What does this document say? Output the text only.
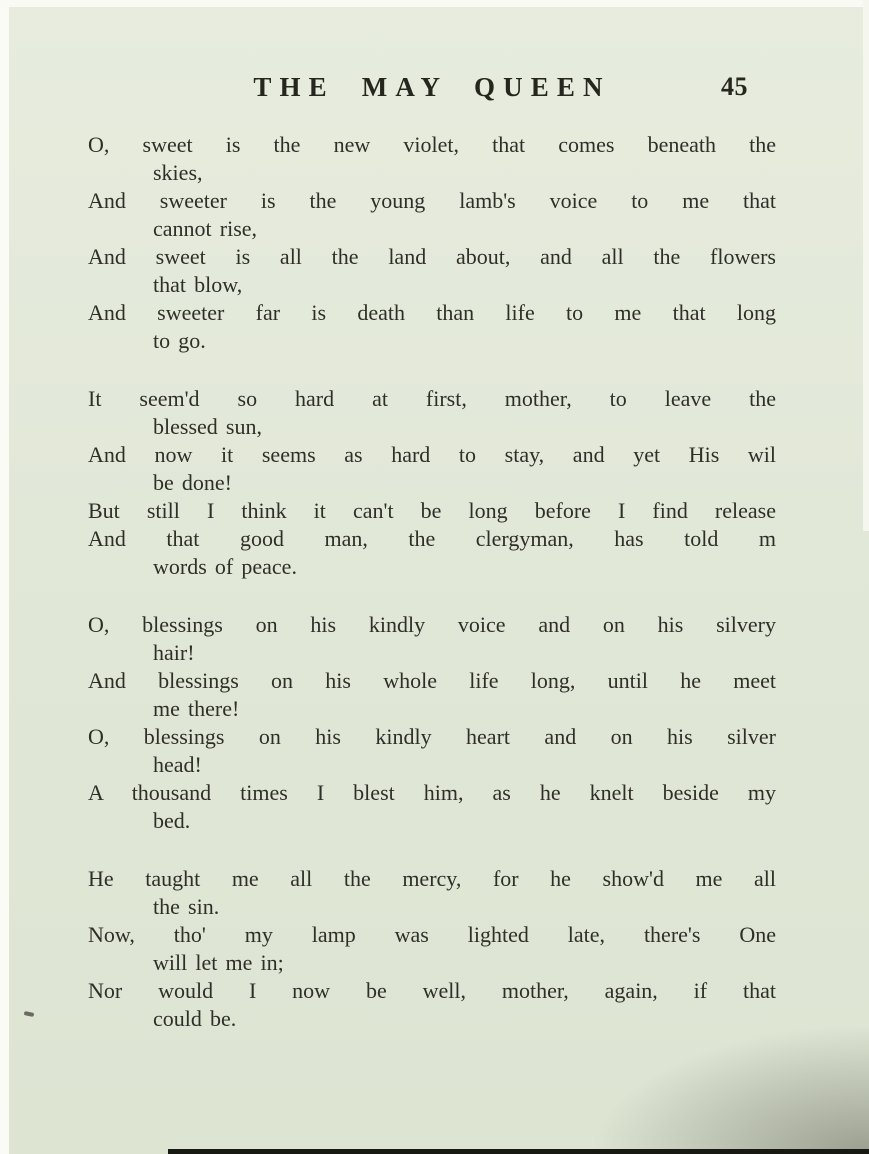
THE MAY QUEEN	45
O, sweet is the new violet, that comes beneath the
skies,
And sweeter is the young lamb's voice to me that
cannot rise,
And sweet is all the land about, and all the flowers
that blow,
And sweeter far is death than life to me that long
to go.
It seem'd so hard at first, mother, to leave the
blessed sun,
And now it seems as hard to stay, and yet His wil
be done!
But still I think it can't be long before I find release
And that good man, the clergyman, has told m
words of peace.
O, blessings on his kindly voice and on his silvery
hair!
And blessings on his whole life long, until he meet
me there!
O, blessings on his kindly heart and on his silver
head!
A thousand times I blest him, as he knelt beside my
bed.
He taught me all the mercy, for he show'd me all
the sin.
Now, tho' my lamp was lighted late, there's One
will let me in;
Nor would I now be well, mother, again, if that
could be.
